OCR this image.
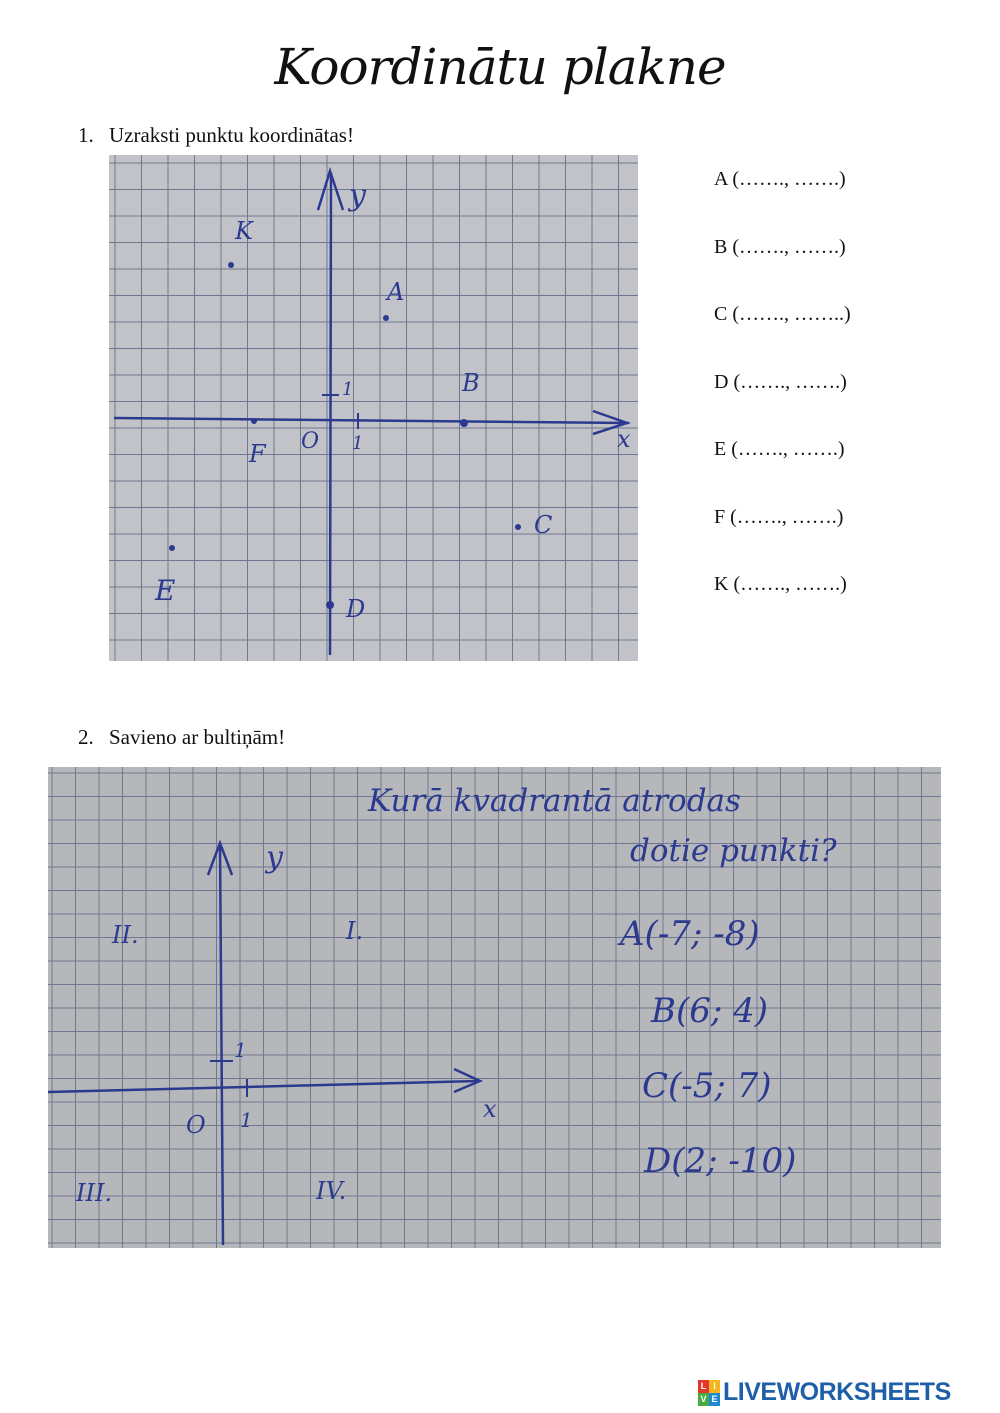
Koordinātu plakne
1. Uzraksti punktu koordinātas!
x
y
O 1
1
A
B
C
D
E
F
K
A (……., …….)
B (……., …….)
C (……., ……..)
D (……., …….)
E (……., …….)
F (……., …….)
K (……., …….)
2. Savieno ar bultiņām!
x
y
O 1
1
I.
II.
III.	IV.
Kurā kvadrantā atrodas
dotie punkti?
A(-7; -8)
B(6; 4)
C(-5; 7)
D(2; -10)
L I
V E LIVEWORKSHEETS
